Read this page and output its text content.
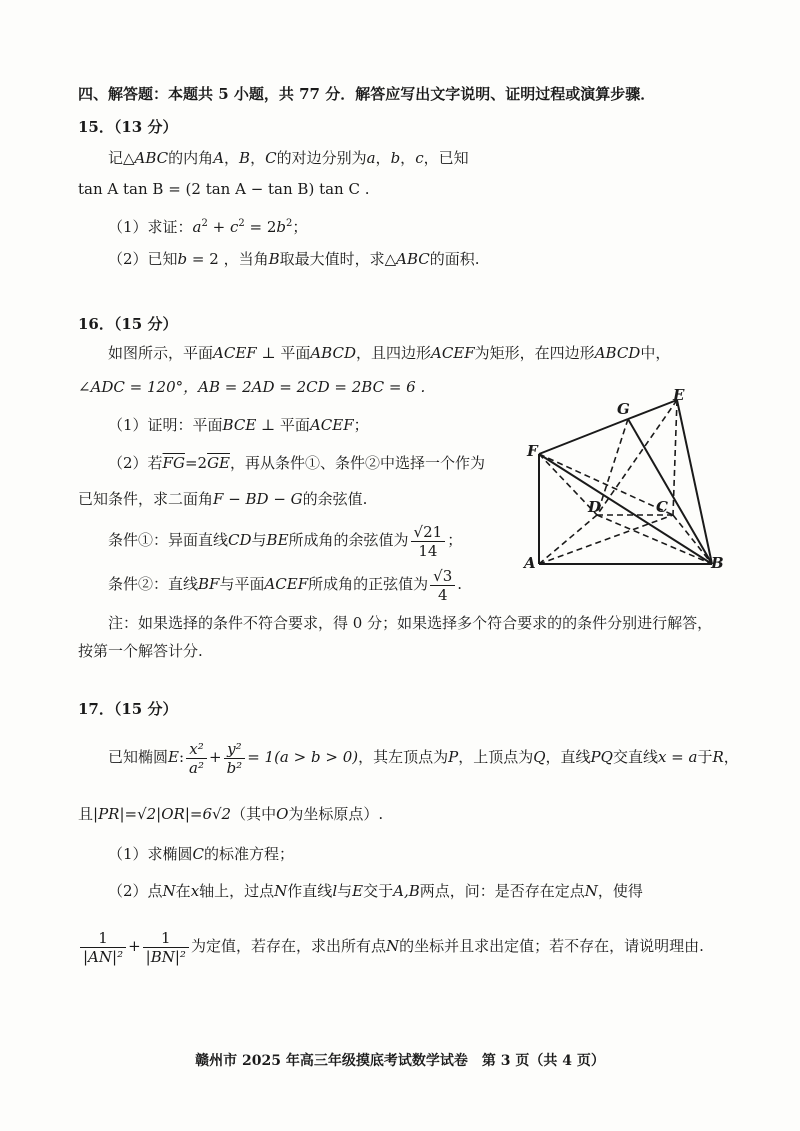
四、解答题：本题共 5 小题，共 77 分．解答应写出文字说明、证明过程或演算步骤．
15．（13 分）
记△ABC的内角A，B，C的对边分别为a，b，c，已知
tan A tan B = (2 tan A − tan B) tan C .
（1）求证：$a^2 + c^2 = 2b^2$；
（2）已知b = 2 ，当角B取最大值时，求△ABC的面积.
16．（15 分）
如图所示，平面ACEF ⊥ 平面ABCD，且四边形ACEF为矩形，在四边形ABCD中，
∠ADC = 120°，AB = 2AD = 2CD = 2BC = 6 .
（1）证明：平面BCE ⊥ 平面ACEF；
（2）若$\overline{FG}=2\overline{GE}$，再从条件①、条件②中选择一个作为
已知条件，求二面角F − BD − G的余弦值.
条件①：异面直线CD与BE所成角的余弦值为 $\frac{√21}{14}$ ；
条件②：直线BF与平面ACEF所成角的正弦值为 $\frac{√3}{4}$ .
注：如果选择的条件不符合要求，得 0 分；如果选择多个符合要求的的条件分别进行解答，
按第一个解答计分.
E
G
F
D	C
A	B
17．（15 分）
已知椭圆E: $\frac{\text{x²}}{\text{a²}} + \frac{\text{y²}}{\text{b²}} = 1(a > b > 0)$，其左顶点为P，上顶点为Q，直线PQ交直线x = a于R，
且|PR|=√2|OR|=6√2（其中O为坐标原点）.
（1）求椭圆C的标准方程；
（2）点N在x轴上，过点N作直线l与E交于A,B两点，问：是否存在定点N，使得
$\frac{1}{\text{|AN|²}} + \frac{1}{\text{|BN|²}}$ 为定值，若存在，求出所有点N的坐标并且求出定值；若不存在，请说明理由.
赣州市 2025 年高三年级摸底考试数学试卷　第 3 页（共 4 页）
